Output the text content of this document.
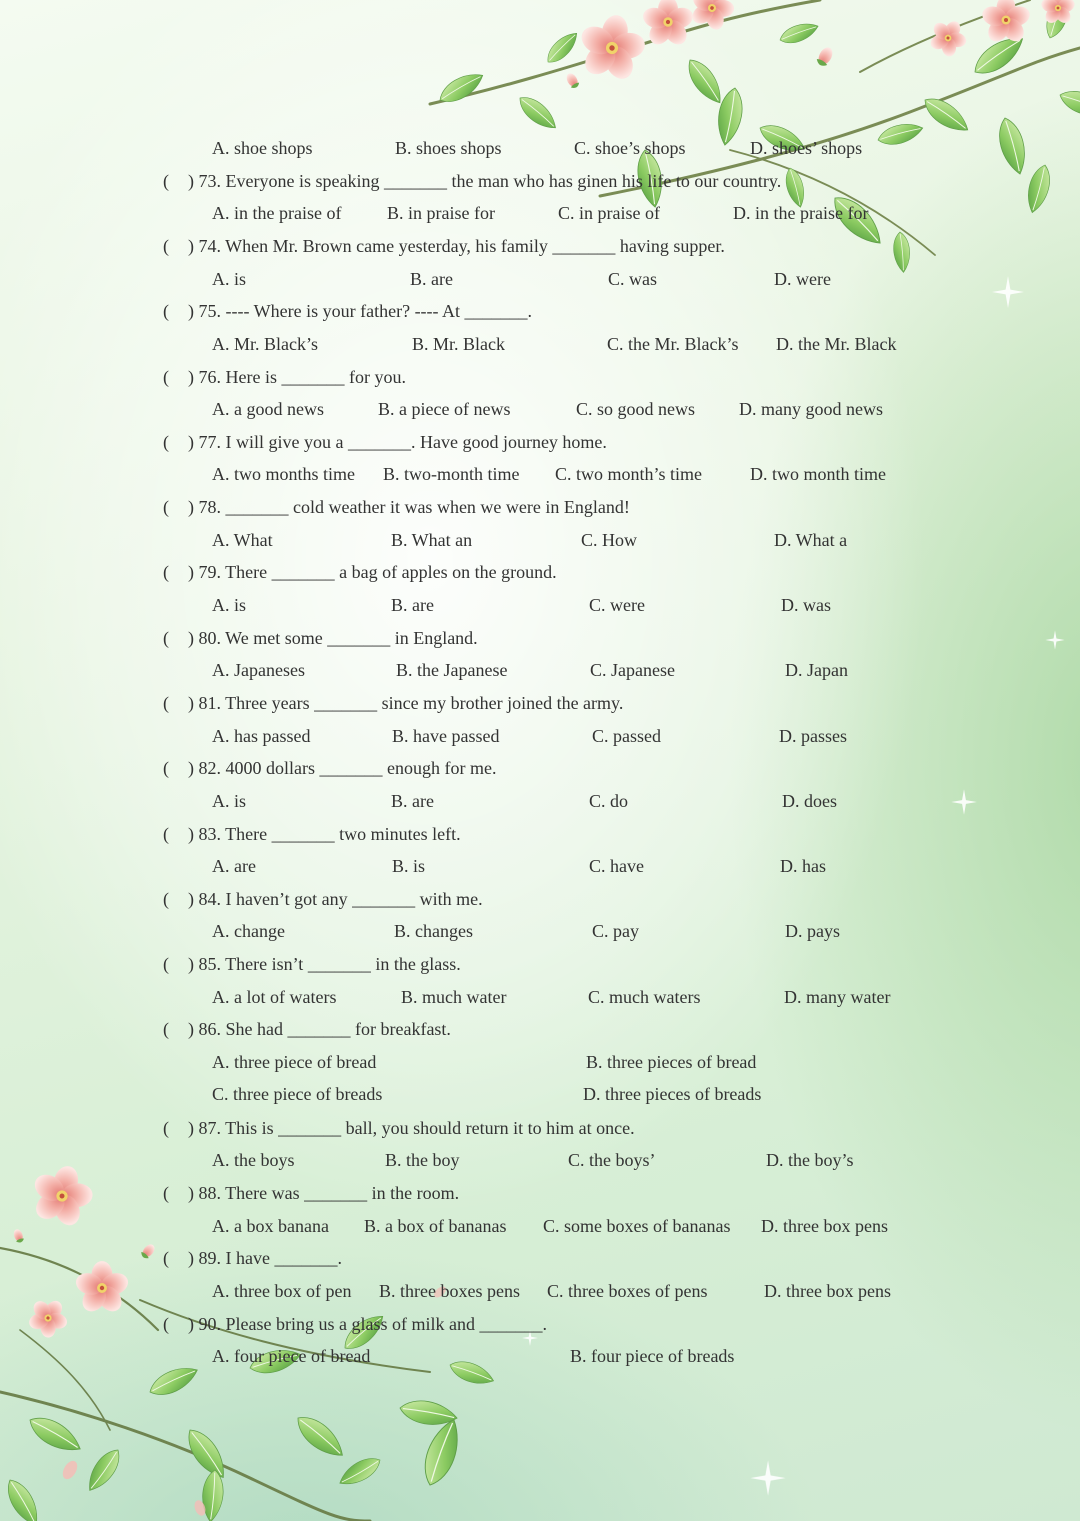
A. shoe shops	B. shoes shops	C. shoe’s shops	D. shoes’ shops
( ) 73. Everyone is speaking _______ the man who has ginen his life to our country.
A. in the praise of	B. in praise for	C. in praise of	D. in the praise for
( ) 74. When Mr. Brown came yesterday, his family _______ having supper.
A. is	B. are	C. was	D. were
( ) 75. ---- Where is your father? ---- At _______.
A. Mr. Black’s	B. Mr. Black	C. the Mr. Black’s D. the Mr. Black
( ) 76. Here is _______ for you.
A. a good news	B. a piece of news	C. so good news D. many good news
( ) 77. I will give you a _______. Have good journey home.
A. two months time B. two-month time C. two month’s time	D. two month time
( ) 78. _______ cold weather it was when we were in England!
A. What	B. What an	C. How	D. What a
( ) 79. There _______ a bag of apples on the ground.
A. is	B. are	C. were	D. was
( ) 80. We met some _______ in England.
A. Japaneses	B. the Japanese	C. Japanese	D. Japan
( ) 81. Three years _______ since my brother joined the army.
A. has passed	B. have passed	C. passed	D. passes
( ) 82. 4000 dollars _______ enough for me.
A. is	B. are	C. do	D. does
( ) 83. There _______ two minutes left.
A. are	B. is	C. have	D. has
( ) 84. I haven’t got any _______ with me.
A. change	B. changes	C. pay	D. pays
( ) 85. There isn’t _______ in the glass.
A. a lot of waters	B. much water	C. much waters	D. many water
( ) 86. She had _______ for breakfast.
A. three piece of bread	B. three pieces of bread
C. three piece of breads	D. three pieces of breads
( ) 87. This is _______ ball, you should return it to him at once.
A. the boys	B. the boy	C. the boys’	D. the boy’s
( ) 88. There was _______ in the room.
A. a box banana B. a box of bananas C. some boxes of bananas D. three box pens
( ) 89. I have _______.
A. three box of pen B. three boxes pens C. three boxes of pens	D. three box pens
( ) 90. Please bring us a glass of milk and _______.
A. four piece of bread	B. four piece of breads
